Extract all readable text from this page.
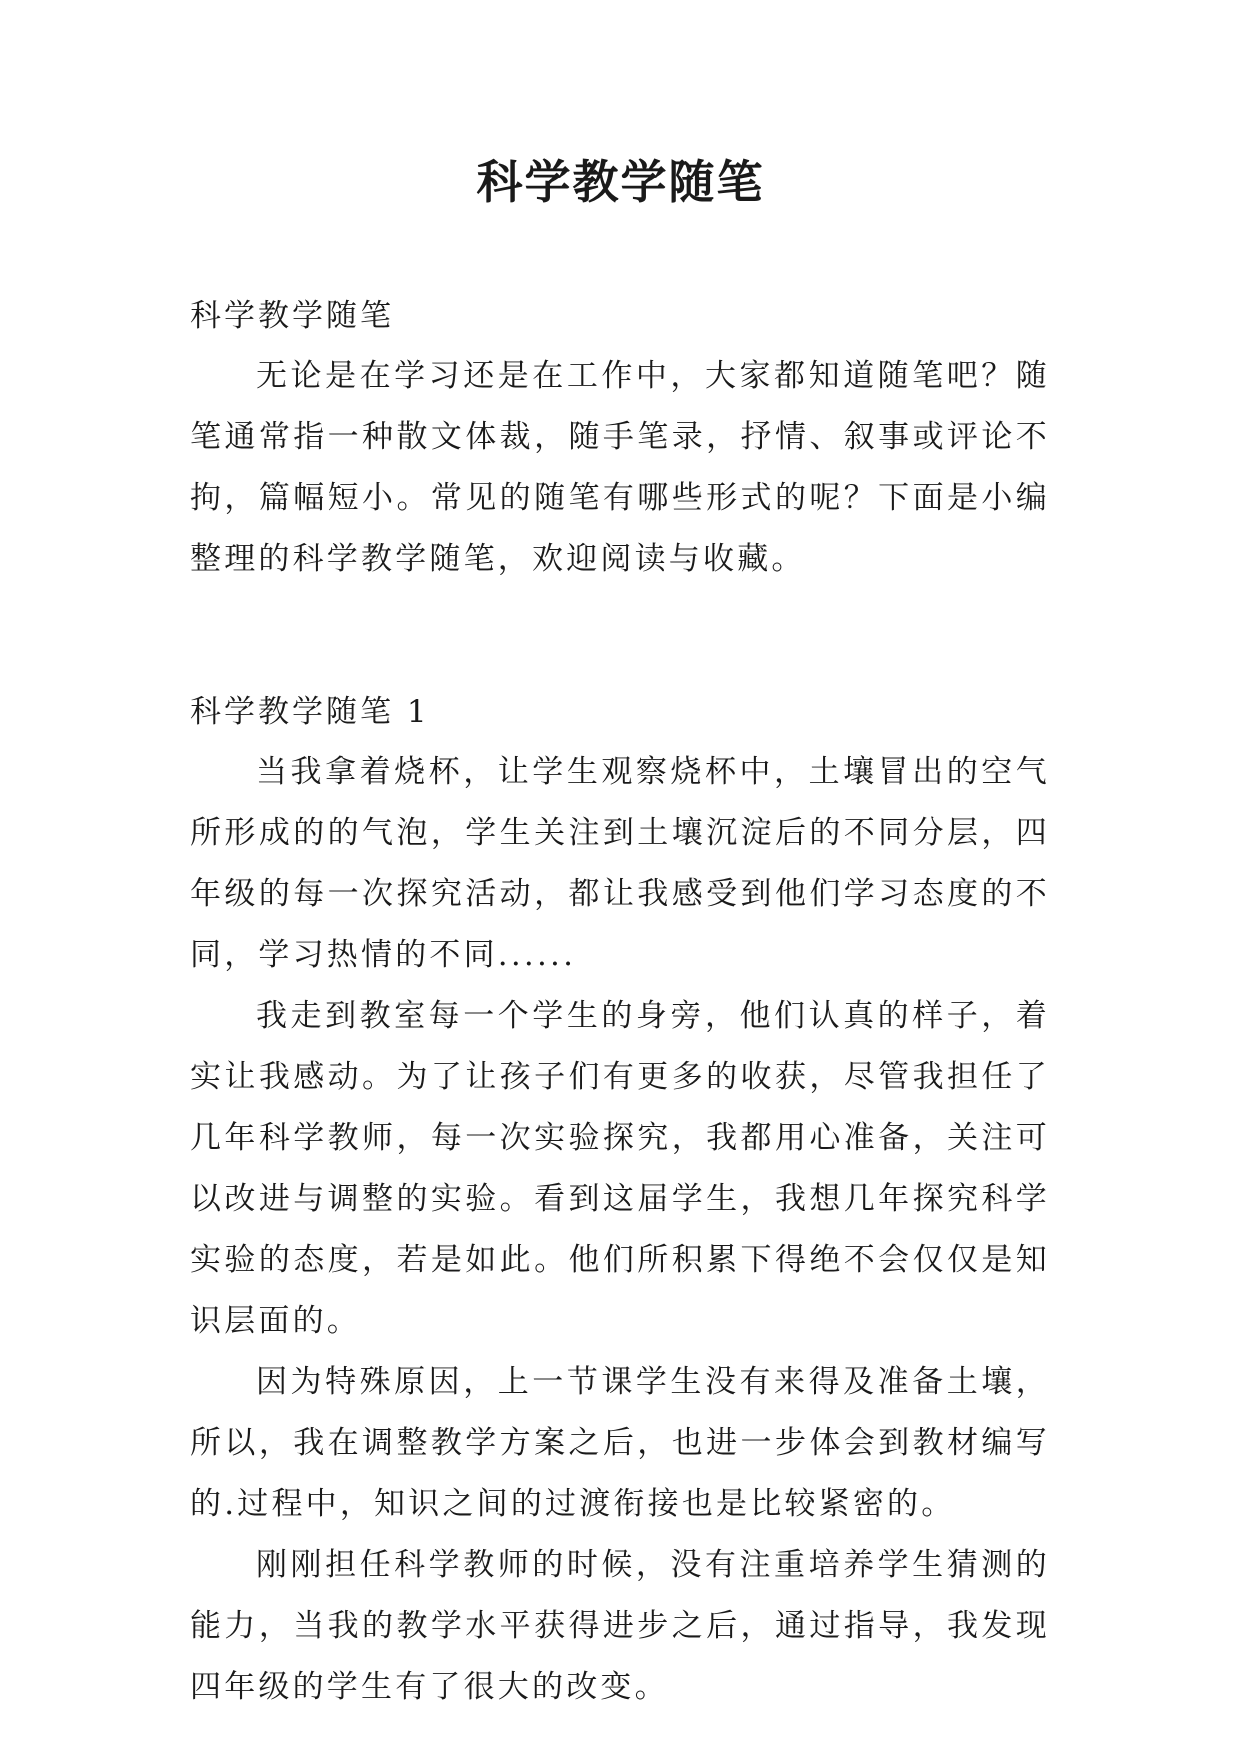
科学教学随笔

科学教学随笔

无论是在学习还是在工作中，大家都知道随笔吧？随笔通常指一种散文体裁，随手笔录，抒情、叙事或评论不拘，篇幅短小。常见的随笔有哪些形式的呢？下面是小编整理的科学教学随笔，欢迎阅读与收藏。

科学教学随笔 1

当我拿着烧杯，让学生观察烧杯中，土壤冒出的空气所形成的的气泡，学生关注到土壤沉淀后的不同分层，四年级的每一次探究活动，都让我感受到他们学习态度的不同，学习热情的不同......

我走到教室每一个学生的身旁，他们认真的样子，着实让我感动。为了让孩子们有更多的收获，尽管我担任了几年科学教师，每一次实验探究，我都用心准备，关注可以改进与调整的实验。看到这届学生，我想几年探究科学实验的态度，若是如此。他们所积累下得绝不会仅仅是知识层面的。

因为特殊原因，上一节课学生没有来得及准备土壤，所以，我在调整教学方案之后，也进一步体会到教材编写的.过程中，知识之间的过渡衔接也是比较紧密的。

刚刚担任科学教师的时候，没有注重培养学生猜测的能力，当我的教学水平获得进步之后，通过指导，我发现四年级的学生有了很大的改变。
